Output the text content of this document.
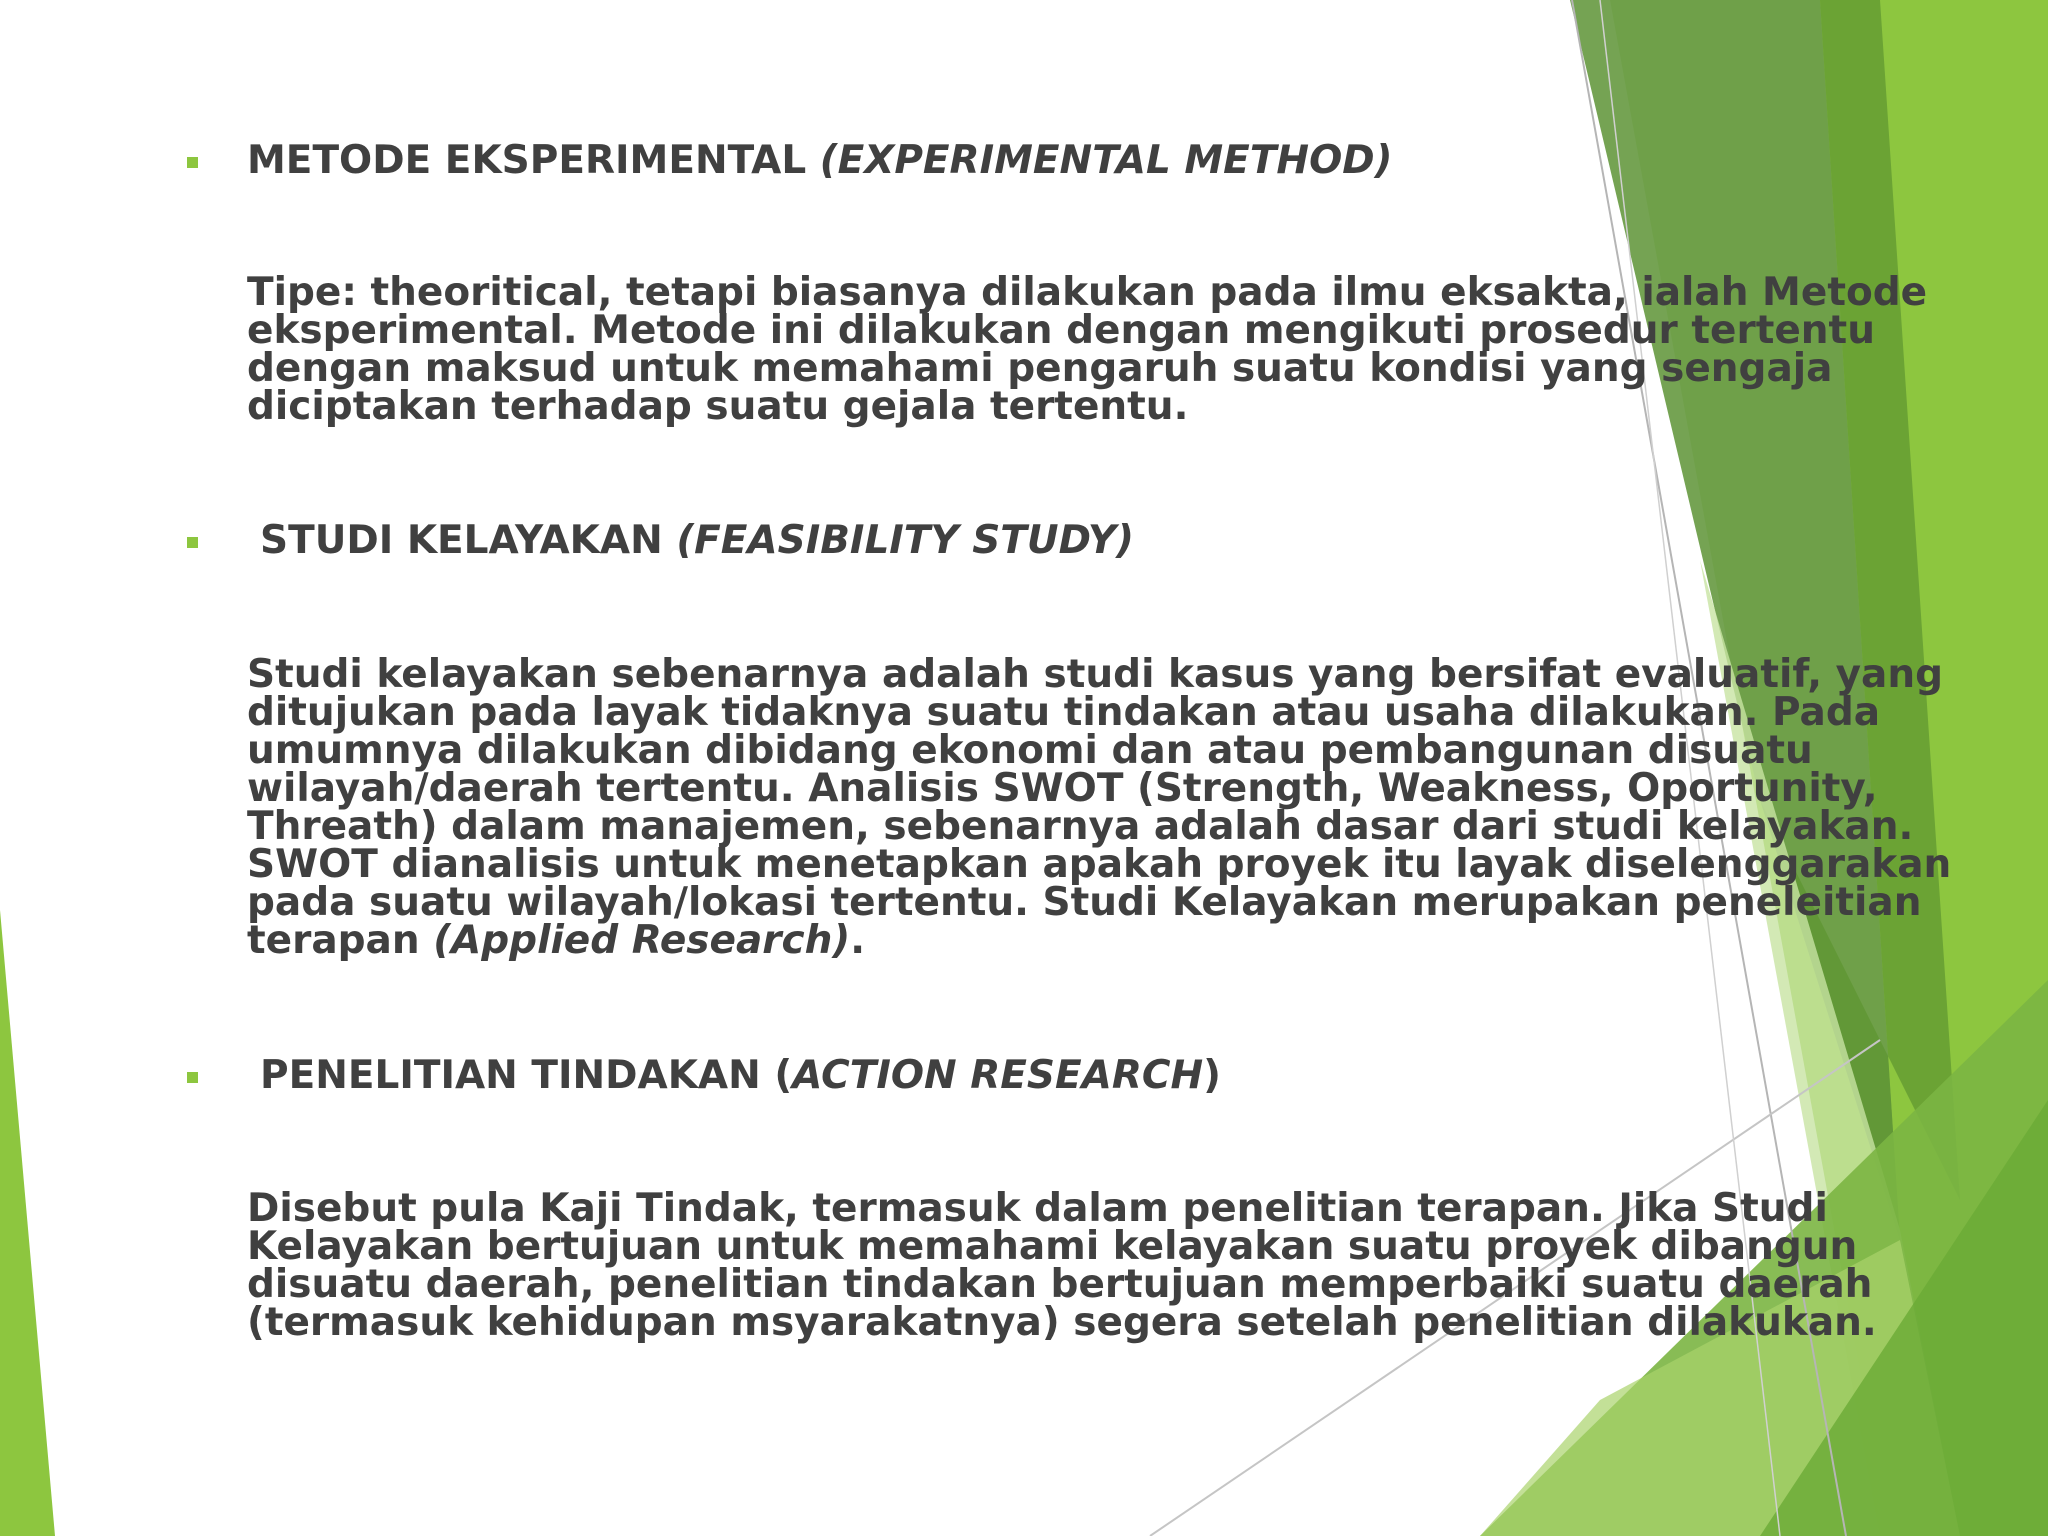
METODE EKSPERIMENTAL (EXPERIMENTAL METHOD)
Tipe: theoritical, tetapi biasanya dilakukan pada ilmu eksakta, ialah Metode
eksperimental. Metode ini dilakukan dengan mengikuti prosedur tertentu
dengan maksud untuk memahami pengaruh suatu kondisi yang sengaja
diciptakan terhadap suatu gejala tertentu.
STUDI KELAYAKAN (FEASIBILITY STUDY)
Studi kelayakan sebenarnya adalah studi kasus yang bersifat evaluatif, yang
ditujukan pada layak tidaknya suatu tindakan atau usaha dilakukan. Pada
umumnya dilakukan dibidang ekonomi dan atau pembangunan disuatu
wilayah/daerah tertentu. Analisis SWOT (Strength, Weakness, Oportunity,
Threath) dalam manajemen, sebenarnya adalah dasar dari studi kelayakan.
SWOT dianalisis untuk menetapkan apakah proyek itu layak diselenggarakan
pada suatu wilayah/lokasi tertentu. Studi Kelayakan merupakan peneleitian
terapan (Applied Research).
PENELITIAN TINDAKAN (ACTION RESEARCH)
Disebut pula Kaji Tindak, termasuk dalam penelitian terapan. Jika Studi
Kelayakan bertujuan untuk memahami kelayakan suatu proyek dibangun
disuatu daerah, penelitian tindakan bertujuan memperbaiki suatu daerah
(termasuk kehidupan msyarakatnya) segera setelah penelitian dilakukan.
